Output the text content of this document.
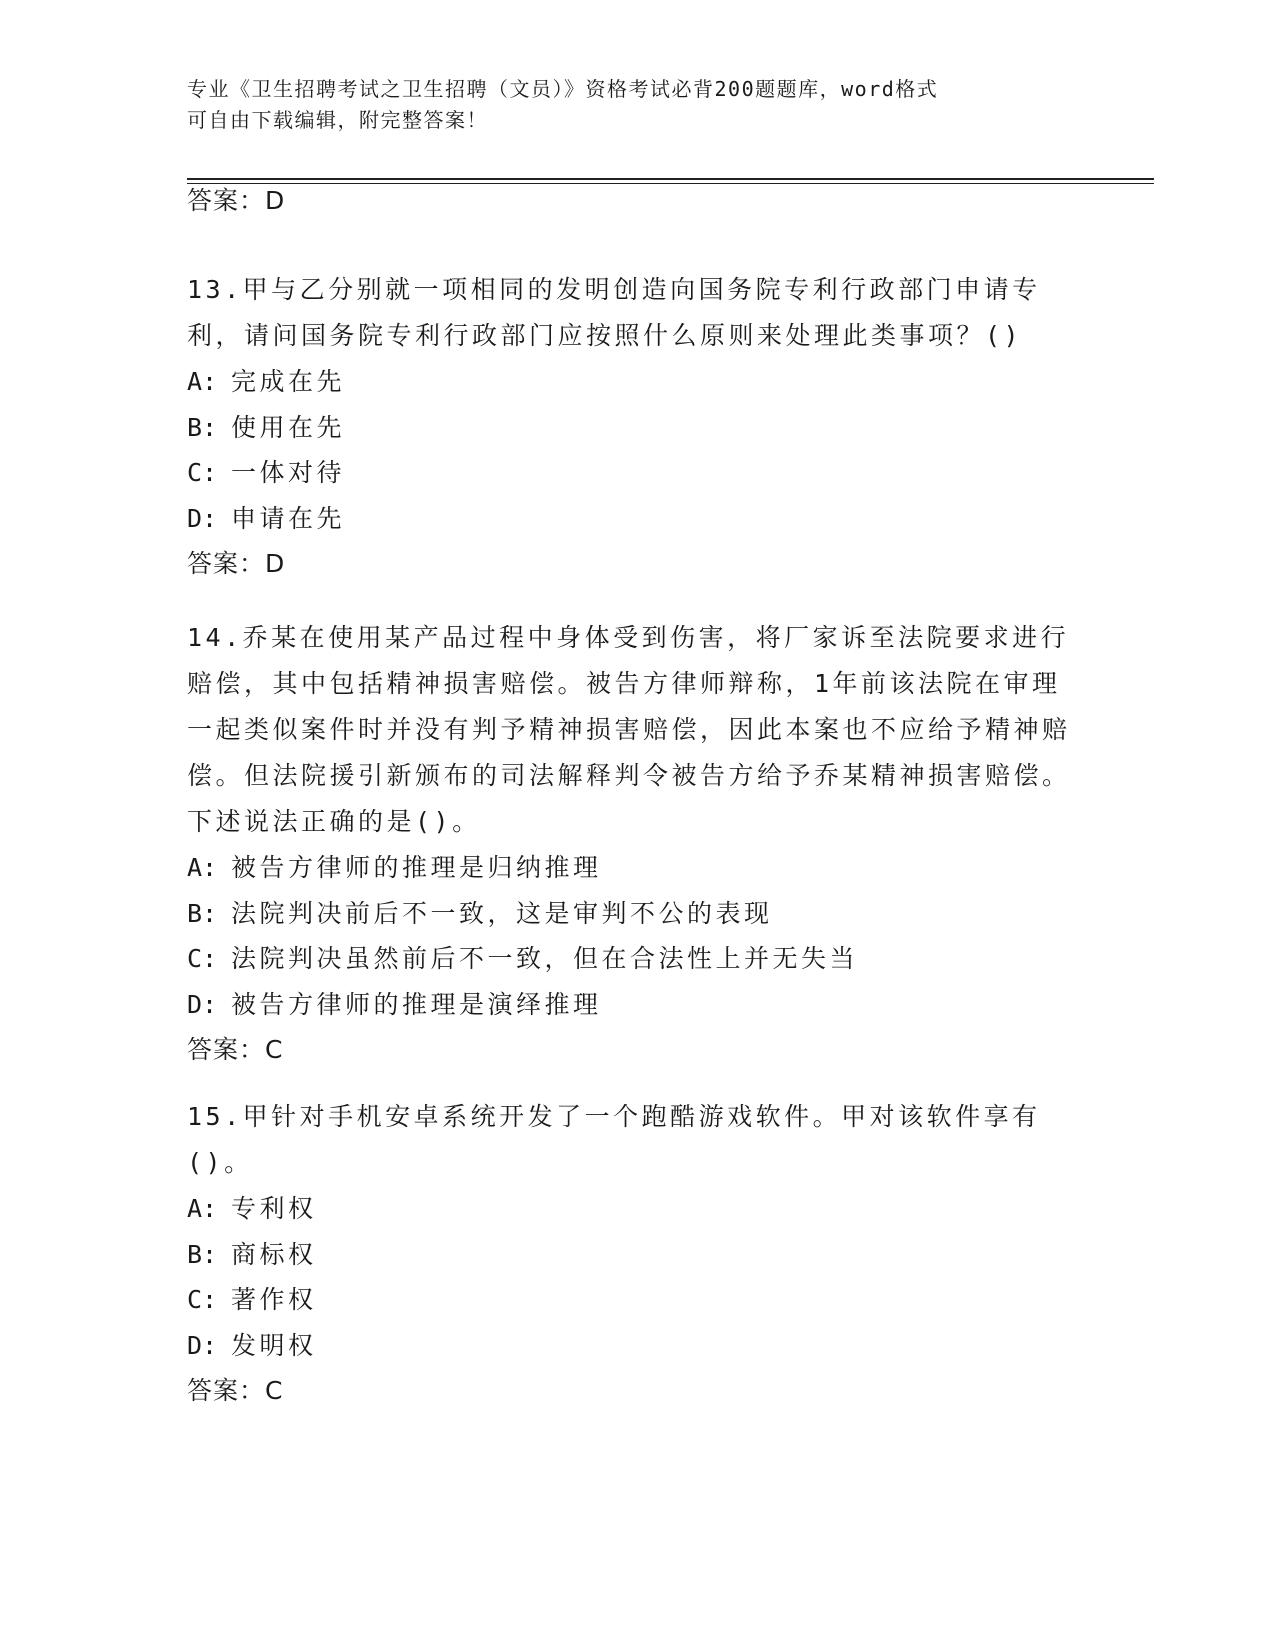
专业《卫生招聘考试之卫生招聘（文员）》资格考试必背200题题库，word格式
可自由下载编辑，附完整答案！
答案：D
13.甲与乙分别就一项相同的发明创造向国务院专利行政部门申请专利，请问国务院专利行政部门应按照什么原则来处理此类事项？()
A: 完成在先
B: 使用在先
C: 一体对待
D: 申请在先
答案：D
14.乔某在使用某产品过程中身体受到伤害，将厂家诉至法院要求进行赔偿，其中包括精神损害赔偿。被告方律师辩称，1年前该法院在审理一起类似案件时并没有判予精神损害赔偿，因此本案也不应给予精神赔偿。但法院援引新颁布的司法解释判令被告方给予乔某精神损害赔偿。下述说法正确的是()。
A: 被告方律师的推理是归纳推理
B: 法院判决前后不一致，这是审判不公的表现
C: 法院判决虽然前后不一致，但在合法性上并无失当
D: 被告方律师的推理是演绎推理
答案：C
15.甲针对手机安卓系统开发了一个跑酷游戏软件。甲对该软件享有()。
A: 专利权
B: 商标权
C: 著作权
D: 发明权
答案：C
